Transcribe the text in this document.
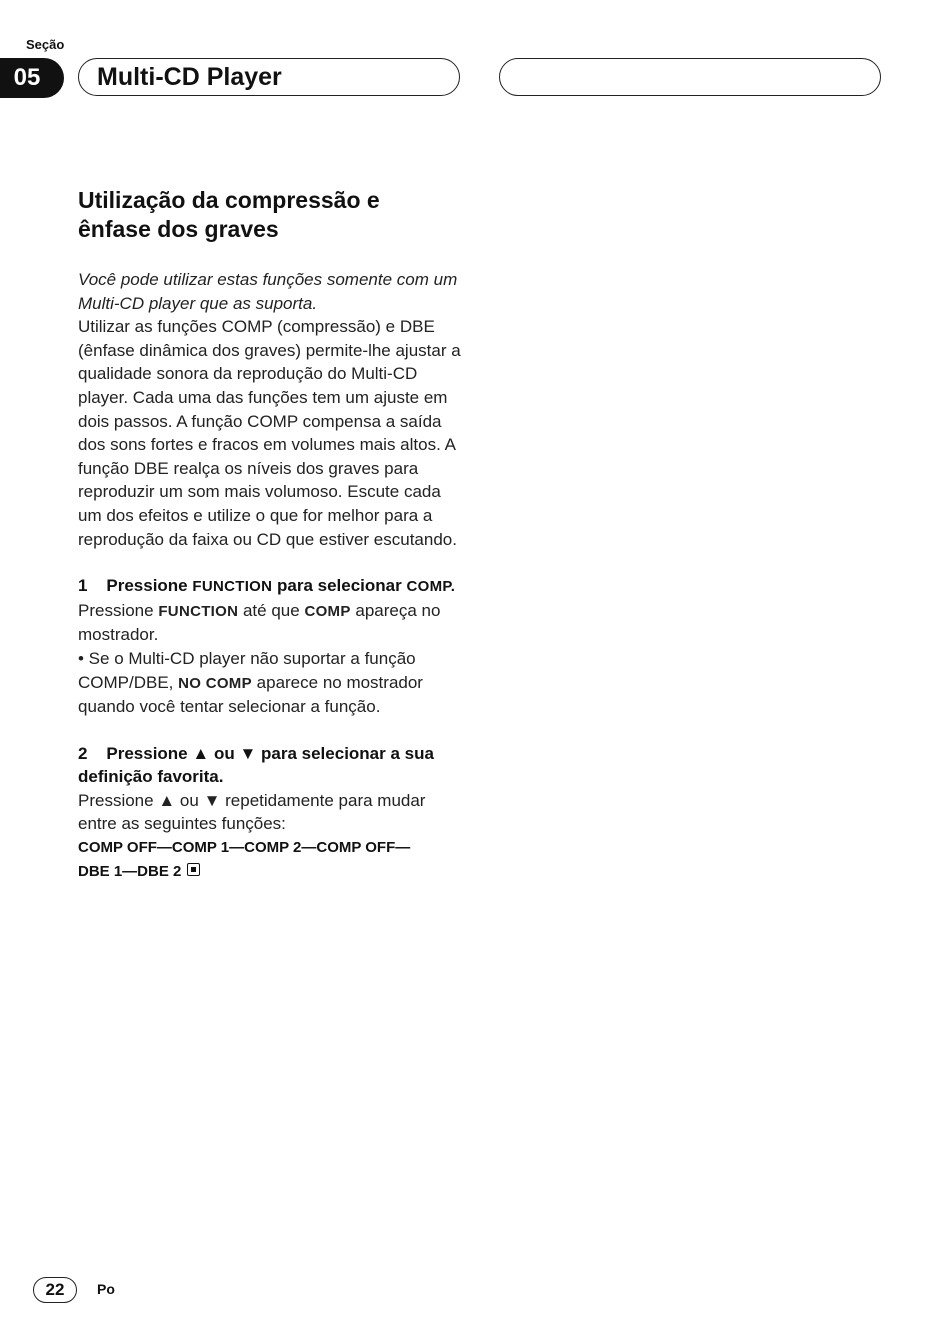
Seção
05	Multi-CD Player
Utilização da compressão e
ênfase dos graves

Você pode utilizar estas funções somente com um Multi-CD player que as suporta.

Utilizar as funções COMP (compressão) e DBE (ênfase dinâmica dos graves) permite-lhe ajustar a qualidade sonora da reprodução do Multi-CD player. Cada uma das funções tem um ajuste em dois passos. A função COMP compensa a saída dos sons fortes e fracos em volumes mais altos. A função DBE realça os níveis dos graves para reproduzir um som mais volumoso. Escute cada um dos efeitos e utilize o que for melhor para a reprodução da faixa ou CD que estiver escutando.

1 Pressione FUNCTION para selecionar COMP.

Pressione FUNCTION até que COMP apareça no mostrador.

• Se o Multi-CD player não suportar a função COMP/DBE, NO COMP aparece no mostrador quando você tentar selecionar a função.

2 Pressione ▲ ou ▼ para selecionar a sua definição favorita.

Pressione ▲ ou ▼ repetidamente para mudar entre as seguintes funções:

COMP OFF—COMP 1—COMP 2—COMP OFF—

DBE 1—DBE 2

22	Po
